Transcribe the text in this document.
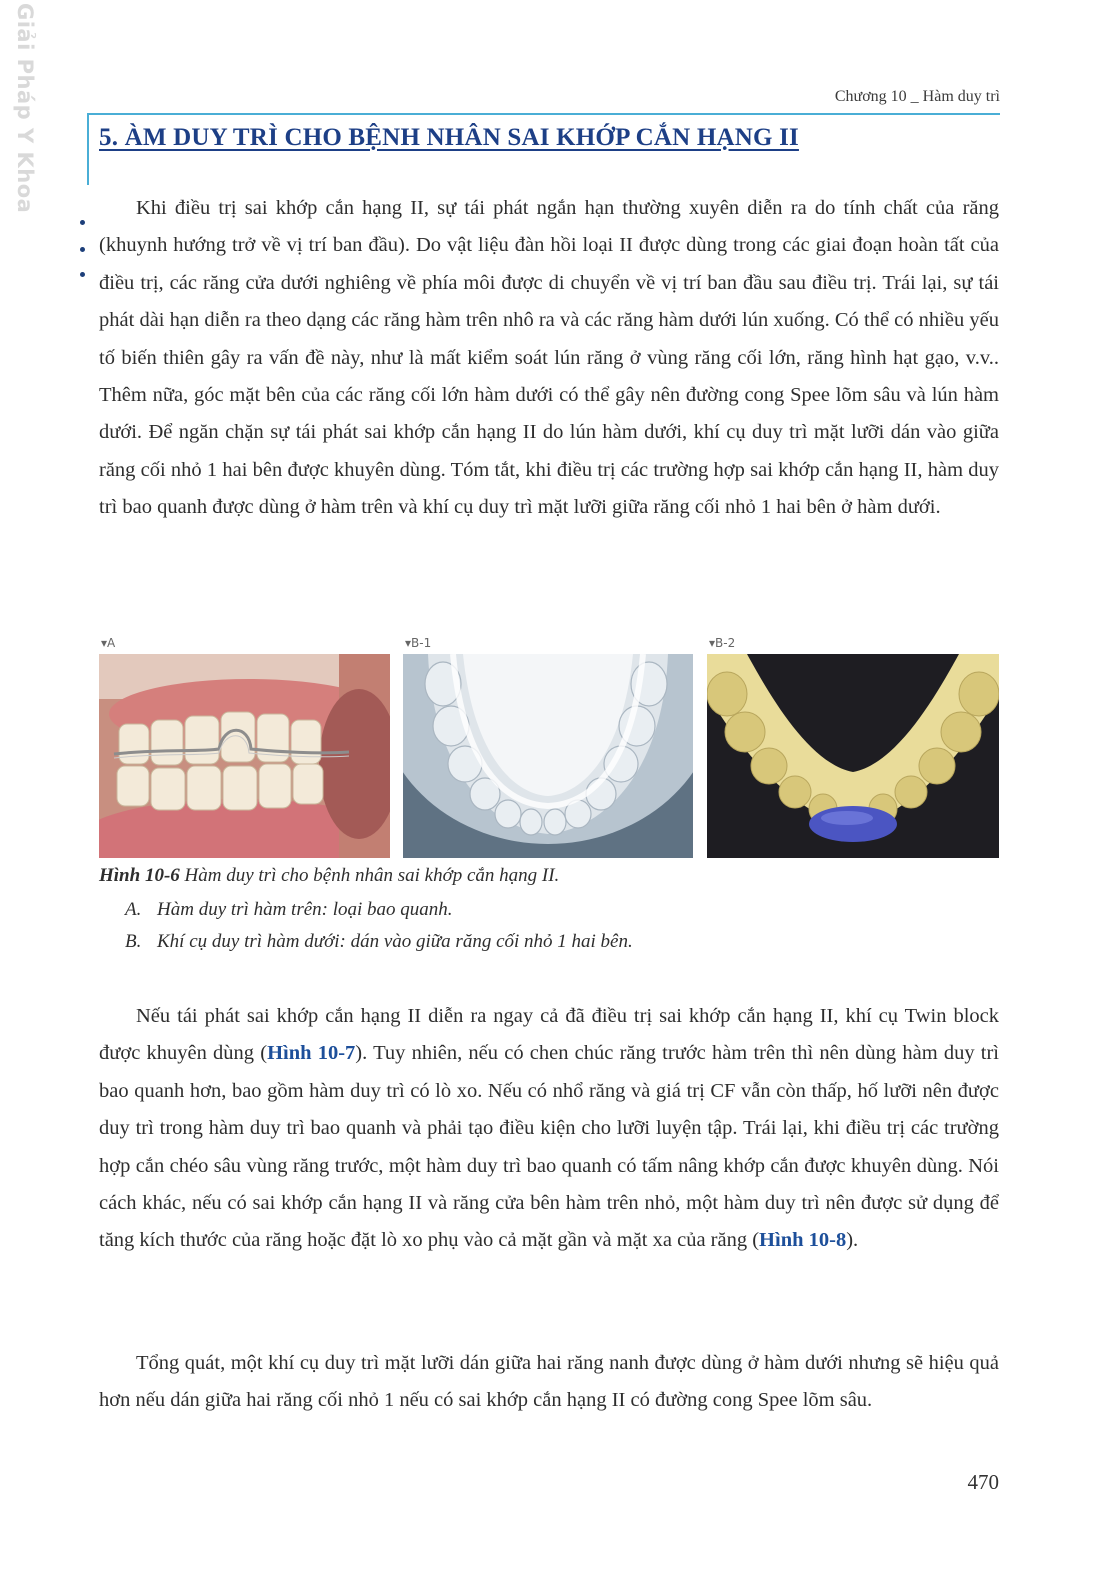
Giải Pháp Y Khoa	Chương 10 _ Hàm duy trì
5. ÀM DUY TRÌ CHO BỆNH NHÂN SAI KHỚP CẮN HẠNG II

Khi điều trị sai khớp cắn hạng II, sự tái phát ngắn hạn thường xuyên diễn ra do tính chất của răng (khuynh hướng trở về vị trí ban đầu). Do vật liệu đàn hồi loại II được dùng trong các giai đoạn hoàn tất của điều trị, các răng cửa dưới nghiêng về phía môi được di chuyển về vị trí ban đầu sau điều trị. Trái lại, sự tái phát dài hạn diễn ra theo dạng các răng hàm trên nhô ra và các răng hàm dưới lún xuống. Có thể có nhiều yếu tố biến thiên gây ra vấn đề này, như là mất kiểm soát lún răng ở vùng răng cối lớn, răng hình hạt gạo, v.v.. Thêm nữa, góc mặt bên của các răng cối lớn hàm dưới có thể gây nên đường cong Spee lõm sâu và lún hàm dưới. Để ngăn chặn sự tái phát sai khớp cắn hạng II do lún hàm dưới, khí cụ duy trì mặt lưỡi dán vào giữa răng cối nhỏ 1 hai bên được khuyên dùng. Tóm tắt, khi điều trị các trường hợp sai khớp cắn hạng II, hàm duy trì bao quanh được dùng ở hàm trên và khí cụ duy trì mặt lưỡi giữa răng cối nhỏ 1 hai bên ở hàm dưới.

▾A	▾B-1	▾B-2
Hình 10-6 Hàm duy trì cho bệnh nhân sai khớp cắn hạng II.
A. Hàm duy trì hàm trên: loại bao quanh.
B. Khí cụ duy trì hàm dưới: dán vào giữa răng cối nhỏ 1 hai bên.

Nếu tái phát sai khớp cắn hạng II diễn ra ngay cả đã điều trị sai khớp cắn hạng II, khí cụ Twin block được khuyên dùng (Hình 10-7). Tuy nhiên, nếu có chen chúc răng trước hàm trên thì nên dùng hàm duy trì bao quanh hơn, bao gồm hàm duy trì có lò xo. Nếu có nhổ răng và giá trị CF vẫn còn thấp, hố lưỡi nên được duy trì trong hàm duy trì bao quanh và phải tạo điều kiện cho lưỡi luyện tập. Trái lại, khi điều trị các trường hợp cắn chéo sâu vùng răng trước, một hàm duy trì bao quanh có tấm nâng khớp cắn được khuyên dùng. Nói cách khác, nếu có sai khớp cắn hạng II và răng cửa bên hàm trên nhỏ, một hàm duy trì nên được sử dụng để tăng kích thước của răng hoặc đặt lò xo phụ vào cả mặt gần và mặt xa của răng (Hình 10-8).

Tổng quát, một khí cụ duy trì mặt lưỡi dán giữa hai răng nanh được dùng ở hàm dưới nhưng sẽ hiệu quả hơn nếu dán giữa hai răng cối nhỏ 1 nếu có sai khớp cắn hạng II có đường cong Spee lõm sâu.

470
